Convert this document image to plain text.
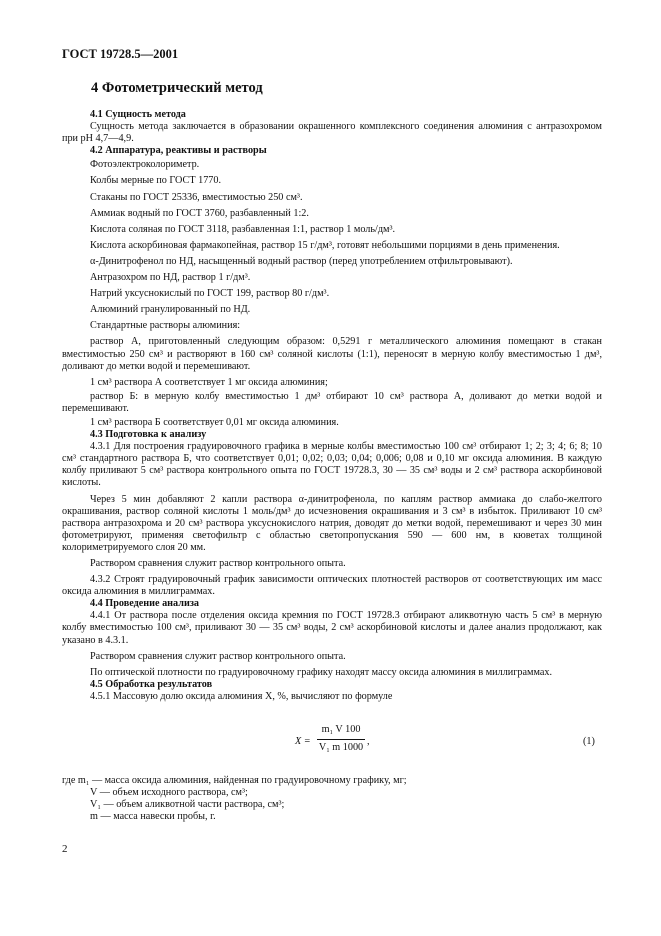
ГОСТ 19728.5—2001
4 Фотометрический метод

4.1 Сущность метода

Сущность метода заключается в образовании окрашенного комплексного соединения алюминия с антразохромом при pH 4,7—4,9.

4.2 Аппаратура, реактивы и растворы

Фотоэлектроколориметр.

Колбы мерные по ГОСТ 1770.

Стаканы по ГОСТ 25336, вместимостью 250 см³.

Аммиак водный по ГОСТ 3760, разбавленный 1:2.

Кислота соляная по ГОСТ 3118, разбавленная 1:1, раствор 1 моль/дм³.

Кислота аскорбиновая фармакопейная, раствор 15 г/дм³, готовят небольшими порциями в день применения.

α-Динитрофенол по НД, насыщенный водный раствор (перед употреблением отфильтровывают).

Антразохром по НД, раствор 1 г/дм³.

Натрий уксуснокислый по ГОСТ 199, раствор 80 г/дм³.

Алюминий гранулированный по НД.

Стандартные растворы алюминия:

раствор А, приготовленный следующим образом: 0,5291 г металлического алюминия помещают в стакан вместимостью 250 см³ и растворяют в 160 см³ соляной кислоты (1:1), переносят в мерную колбу вместимостью 1 дм³, доливают до метки водой и перемешивают.

1 см³ раствора А соответствует 1 мг оксида алюминия;

раствор Б: в мерную колбу вместимостью 1 дм³ отбирают 10 см³ раствора А, доливают до метки водой и перемешивают.

1 см³ раствора Б соответствует 0,01 мг оксида алюминия.

4.3 Подготовка к анализу

4.3.1 Для построения градуировочного графика в мерные колбы вместимостью 100 см³ отбирают 1; 2; 3; 4; 6; 8; 10 см³ стандартного раствора Б, что соответствует 0,01; 0,02; 0,03; 0,04; 0,006; 0,08 и 0,10 мг оксида алюминия. В каждую колбу приливают 5 см³ раствора контрольного опыта по ГОСТ 19728.3, 30 — 35 см³ воды и 2 см³ раствора аскорбиновой кислоты.

Через 5 мин добавляют 2 капли раствора α-динитрофенола, по каплям раствор аммиака до слабо-желтого окрашивания, раствор соляной кислоты 1 моль/дм³ до исчезновения окрашивания и 3 см³ в избыток. Приливают 10 см³ раствора антразохрома и 20 см³ раствора уксуснокислого натрия, доводят до метки водой, перемешивают и через 30 мин фотометрируют, применяя светофильтр с областью светопропускания 590 — 600 нм, в кюветах толщиной колориметрируемого слоя 20 мм.

Раствором сравнения служит раствор контрольного опыта.

4.3.2 Строят градуировочный график зависимости оптических плотностей растворов от соответствующих им масс оксида алюминия в миллиграммах.

4.4 Проведение анализа

4.4.1 От раствора после отделения оксида кремния по ГОСТ 19728.3 отбирают аликвотную часть 5 см³ в мерную колбу вместимостью 100 см³, приливают 30 — 35 см³ воды, 2 см³ аскорбиновой кислоты и далее анализ продолжают, как указано в 4.3.1.

Раствором сравнения служит раствор контрольного опыта.

По оптической плотности по градуировочному графику находят массу оксида алюминия в миллиграммах.

4.5 Обработка результатов

4.5.1 Массовую долю оксида алюминия X, %, вычисляют по формуле

X =
m₁ V 100
V₁ m 1000
,	(1)
где m₁ — масса оксида алюминия, найденная по градуировочному графику, мг;
V — объем исходного раствора, см³;
V₁ — объем аликвотной части раствора, см³;
m — масса навески пробы, г.
2
